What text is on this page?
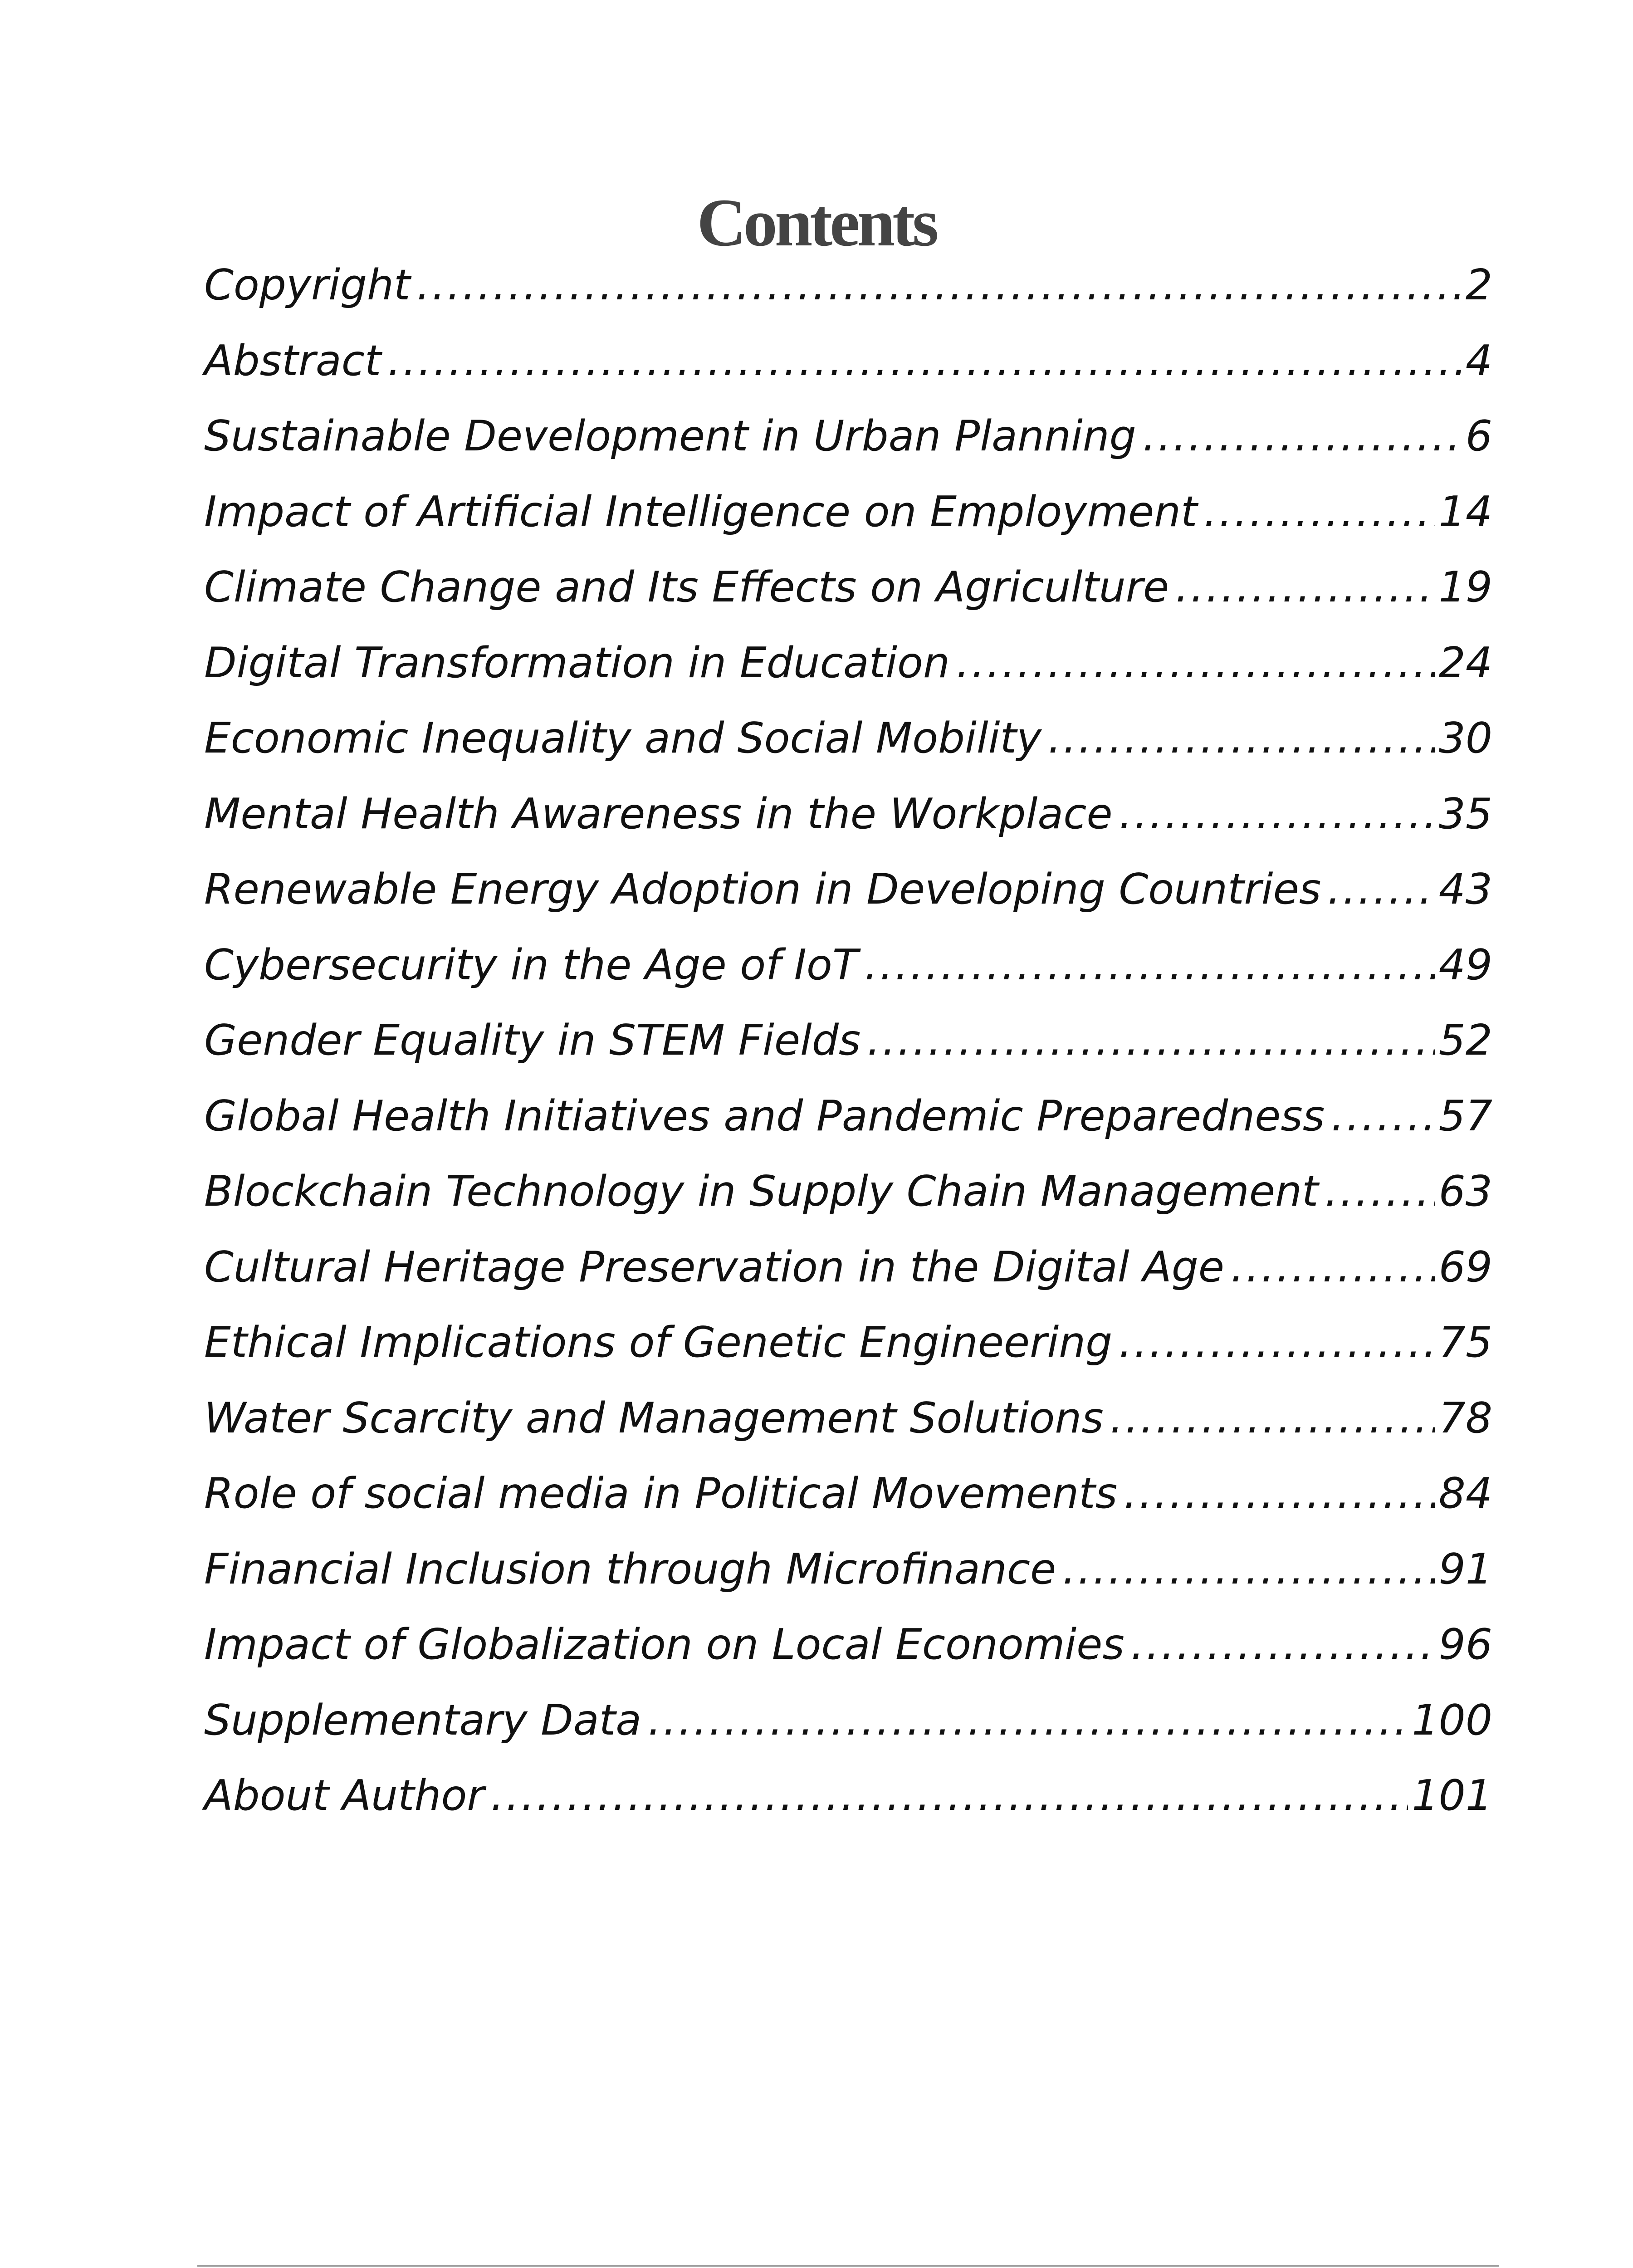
Contents
Copyright .....	2
Abstract .....	4
Sustainable Development in Urban Planning .....	6
Impact of Artificial Intelligence on Employment .....	14
Climate Change and Its Effects on Agriculture .....	19
Digital Transformation in Education .....	24
Economic Inequality and Social Mobility .....	30
Mental Health Awareness in the Workplace .....	35
Renewable Energy Adoption in Developing Countries .....	43
Cybersecurity in the Age of IoT .....	49
Gender Equality in STEM Fields .....	52
Global Health Initiatives and Pandemic Preparedness .....	57
Blockchain Technology in Supply Chain Management .....	63
Cultural Heritage Preservation in the Digital Age .....	69
Ethical Implications of Genetic Engineering .....	75
Water Scarcity and Management Solutions .....	78
Role of social media in Political Movements .....	84
Financial Inclusion through Microfinance .....	91
Impact of Globalization on Local Economies .....	96
Supplementary Data .....	100
About Author .....	101
